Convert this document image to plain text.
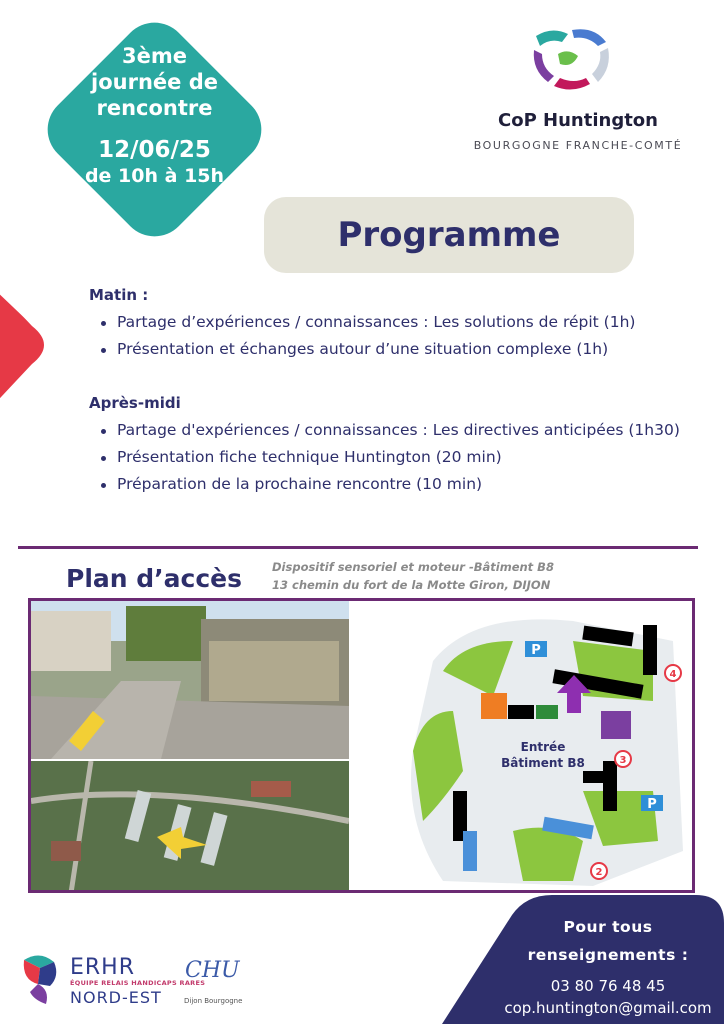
3ème
journée de
rencontre
12/06/25
de 10h à 15h
CoP Huntington
BOURGOGNE FRANCHE-COMTÉ
Programme
Matin :
Partage d’expériences / connaissances : Les solutions de répit (1h)
Présentation et échanges autour d’une situation complexe (1h)
Après-midi
Partage d'expériences / connaissances : Les directives anticipées (1h30)
Présentation fiche technique Huntington (20 min)
Préparation de la prochaine rencontre (10 min)
Plan d’accès	Dispositif sensoriel et moteur -Bâtiment B8
13 chemin du fort de la Motte Giron, DIJON
P
P
4
3
2
Entrée
Bâtiment B8
Pour tous
renseignements :
03 80 76 48 45
cop.huntington@gmail.com
ERHR
ÉQUIPE RELAIS HANDICAPS RARES
NORD-EST
CHU
Dijon Bourgogne
